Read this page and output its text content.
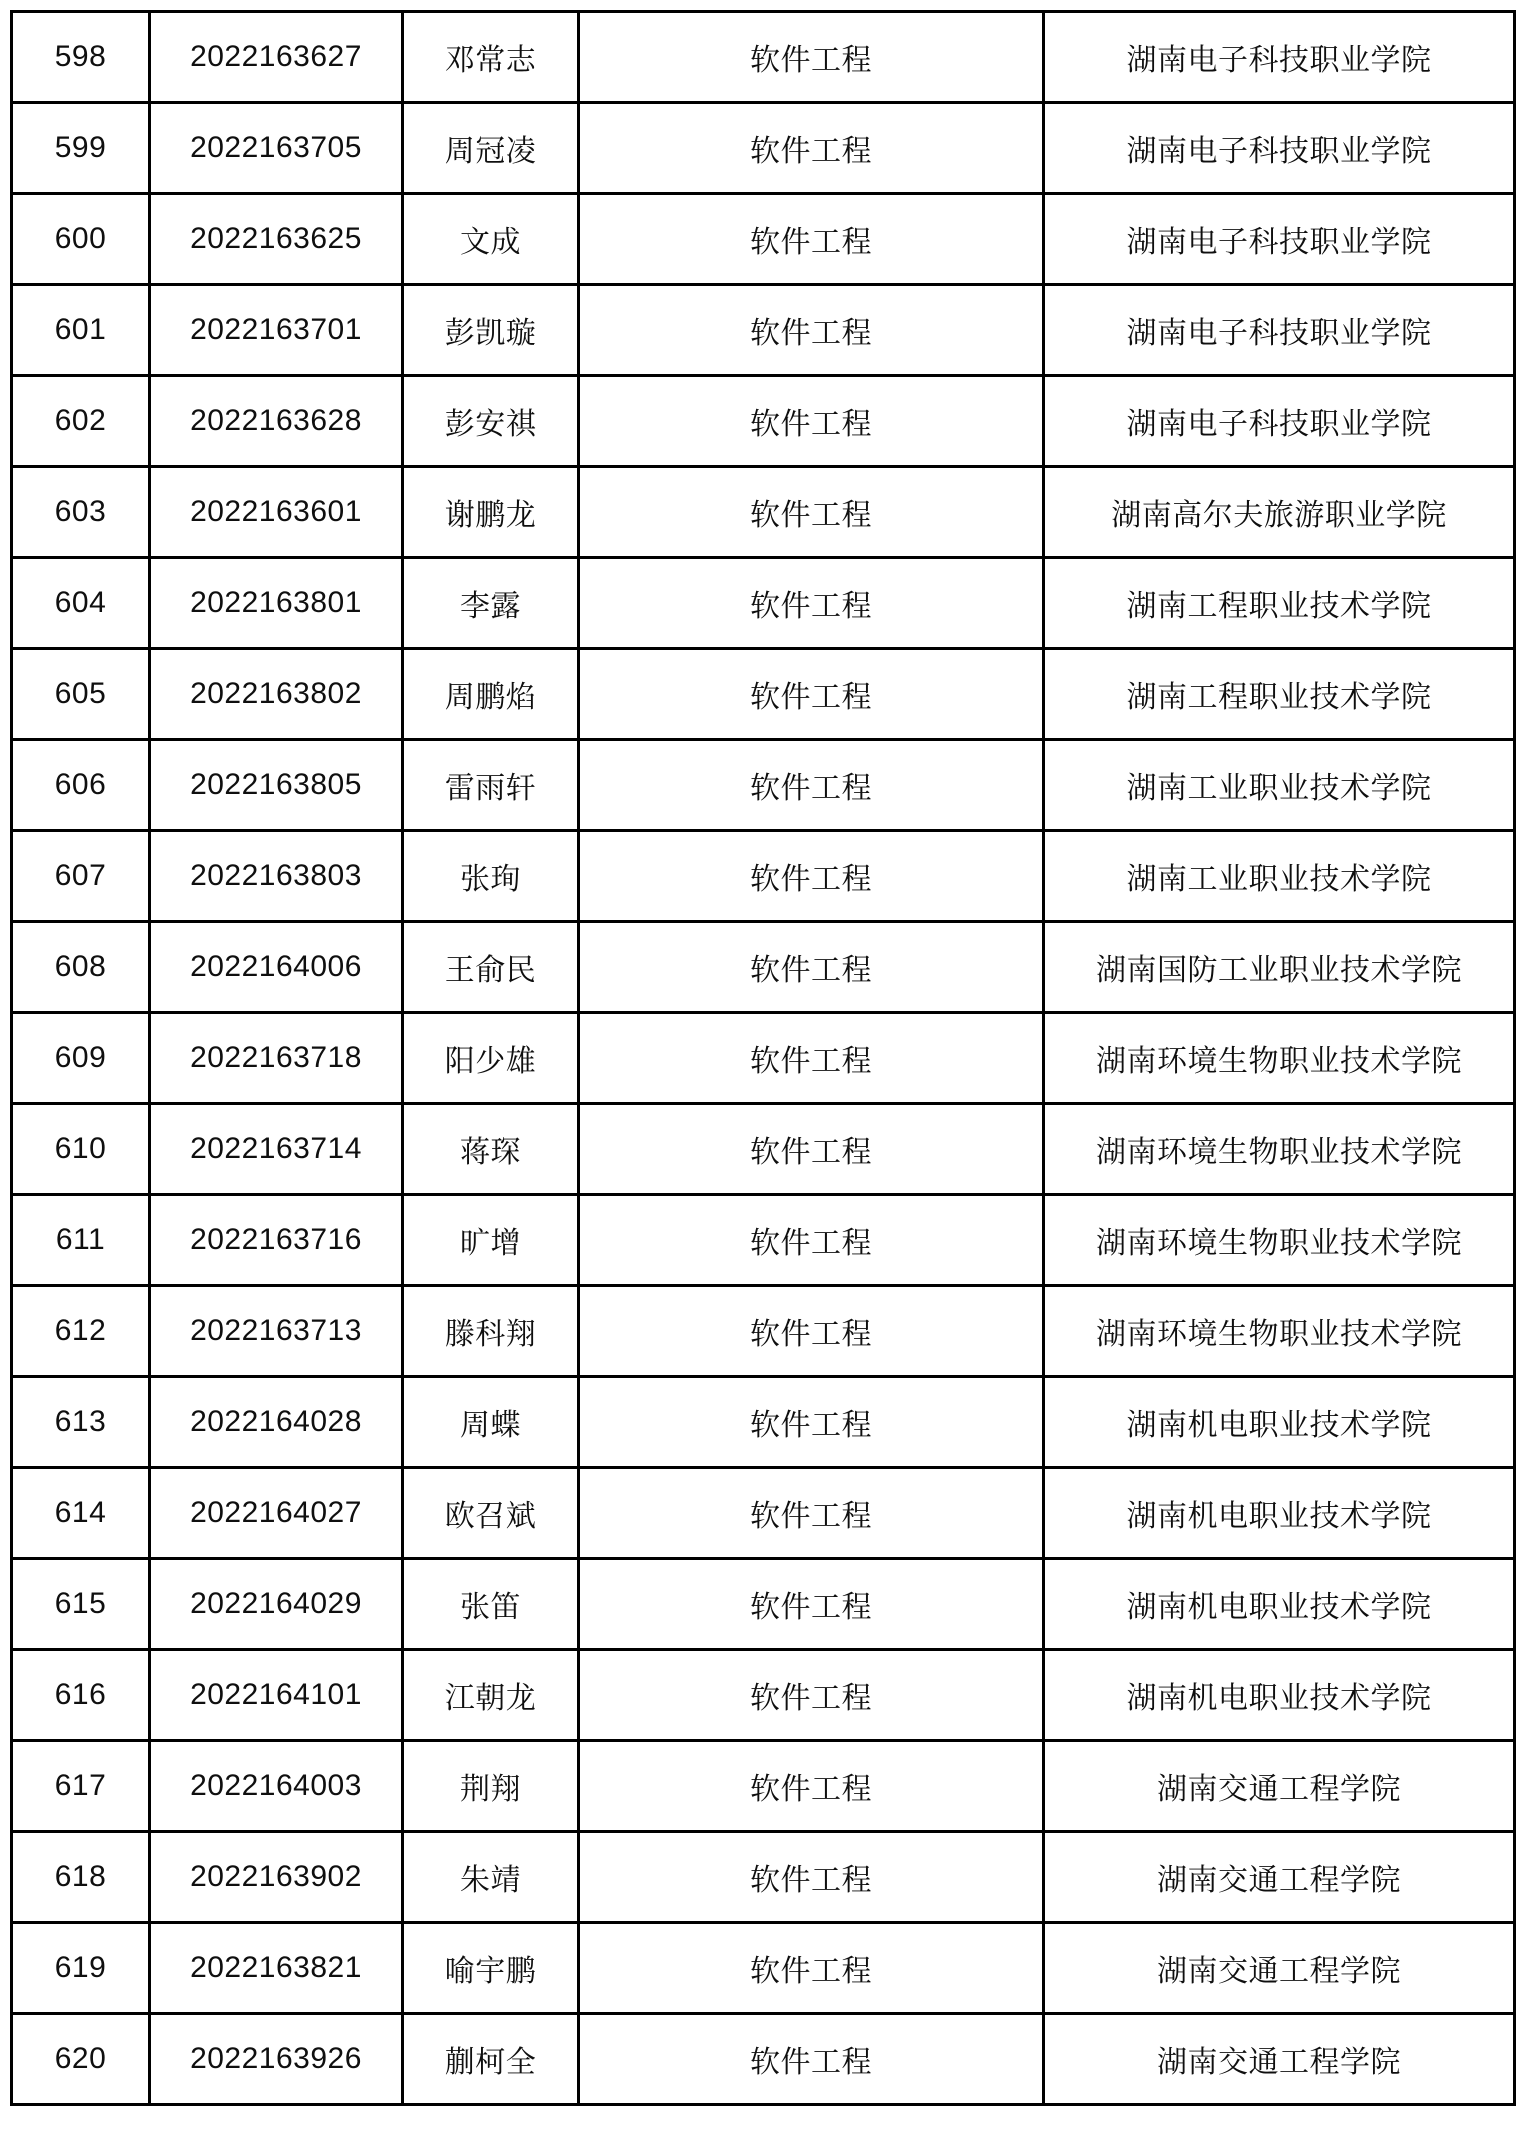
598	2022163627	邓常志	软件工程	湖南电子科技职业学院
599	2022163705	周冠凌	软件工程	湖南电子科技职业学院
600	2022163625	文成	软件工程	湖南电子科技职业学院
601	2022163701	彭凯璇	软件工程	湖南电子科技职业学院
602	2022163628	彭安祺	软件工程	湖南电子科技职业学院
603	2022163601	谢鹏龙	软件工程	湖南高尔夫旅游职业学院
604	2022163801	李露	软件工程	湖南工程职业技术学院
605	2022163802	周鹏焰	软件工程	湖南工程职业技术学院
606	2022163805	雷雨轩	软件工程	湖南工业职业技术学院
607	2022163803	张珣	软件工程	湖南工业职业技术学院
608	2022164006	王俞民	软件工程	湖南国防工业职业技术学院
609	2022163718	阳少雄	软件工程	湖南环境生物职业技术学院
610	2022163714	蒋琛	软件工程	湖南环境生物职业技术学院
611	2022163716	旷增	软件工程	湖南环境生物职业技术学院
612	2022163713	滕科翔	软件工程	湖南环境生物职业技术学院
613	2022164028	周蝶	软件工程	湖南机电职业技术学院
614	2022164027	欧召斌	软件工程	湖南机电职业技术学院
615	2022164029	张笛	软件工程	湖南机电职业技术学院
616	2022164101	江朝龙	软件工程	湖南机电职业技术学院
617	2022164003	荆翔	软件工程	湖南交通工程学院
618	2022163902	朱靖	软件工程	湖南交通工程学院
619	2022163821	喻宇鹏	软件工程	湖南交通工程学院
620	2022163926	蒯柯全	软件工程	湖南交通工程学院
